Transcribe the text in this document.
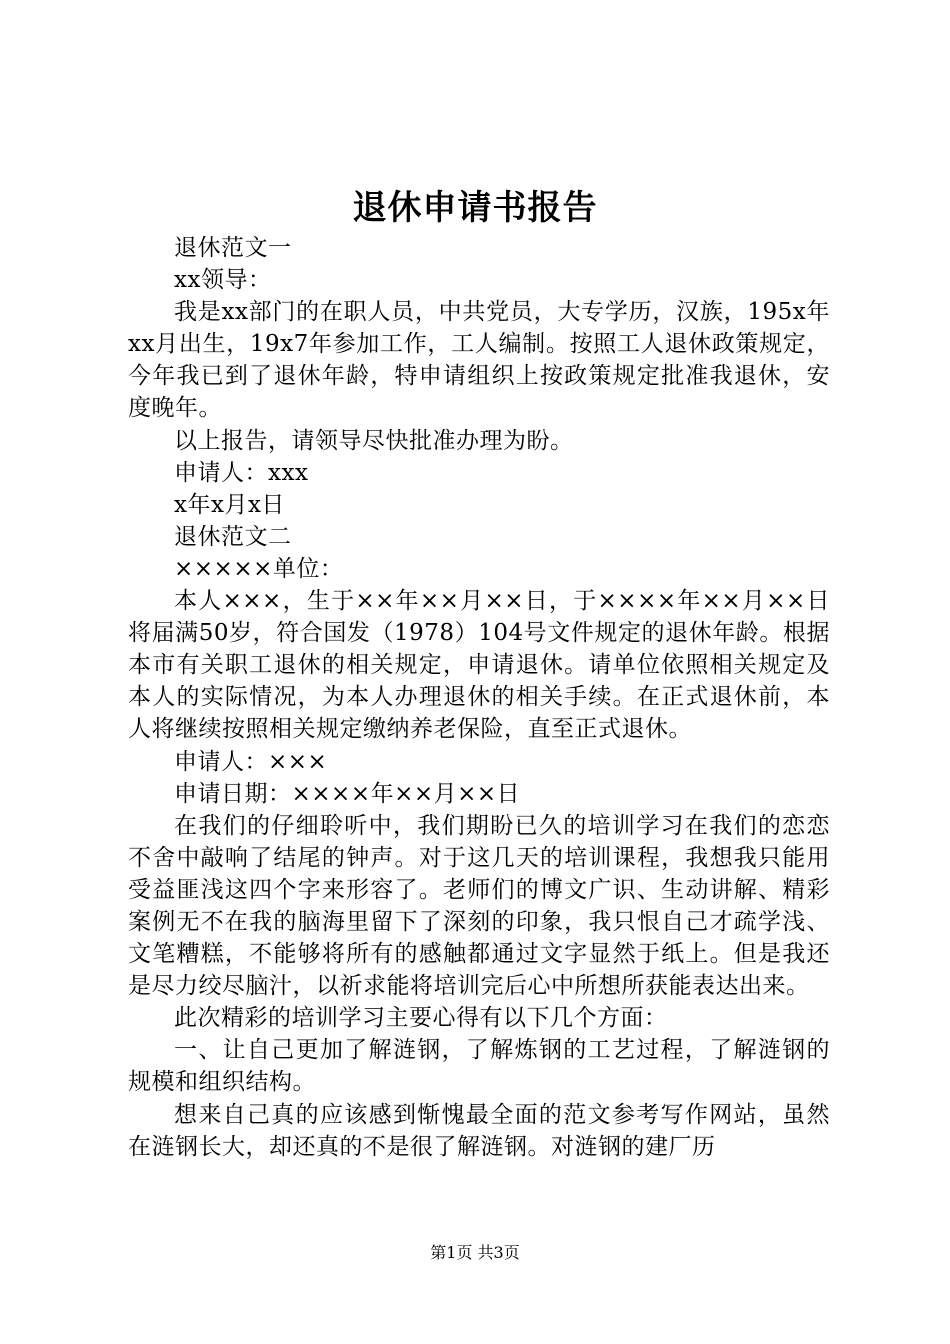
退休申请书报告

退休范文一

xx领导：

我是xx部门的在职人员，中共党员，大专学历，汉族，195x年xx月出生，19x7年参加工作，工人编制。按照工人退休政策规定，今年我已到了退休年龄，特申请组织上按政策规定批准我退休，安度晚年。

以上报告，请领导尽快批准办理为盼。

申请人：xxx

x年x月x日

退休范文二

×××××单位：

本人×××，生于××年××月××日，于××××年××月××日将届满50岁，符合国发（1978）104号文件规定的退休年龄。根据本市有关职工退休的相关规定，申请退休。请单位依照相关规定及本人的实际情况，为本人办理退休的相关手续。在正式退休前，本人将继续按照相关规定缴纳养老保险，直至正式退休。

申请人：×××

申请日期：××××年××月××日

在我们的仔细聆听中，我们期盼已久的培训学习在我们的恋恋不舍中敲响了结尾的钟声。对于这几天的培训课程，我想我只能用受益匪浅这四个字来形容了。老师们的博文广识、生动讲解、精彩案例无不在我的脑海里留下了深刻的印象，我只恨自己才疏学浅、文笔糟糕，不能够将所有的感触都通过文字显然于纸上。但是我还是尽力绞尽脑汁，以祈求能将培训完后心中所想所获能表达出来。

此次精彩的培训学习主要心得有以下几个方面：

一、让自己更加了解涟钢，了解炼钢的工艺过程，了解涟钢的规模和组织结构。

想来自己真的应该感到惭愧最全面的范文参考写作网站，虽然在涟钢长大，却还真的不是很了解涟钢。对涟钢的建厂历

第1页 共3页
